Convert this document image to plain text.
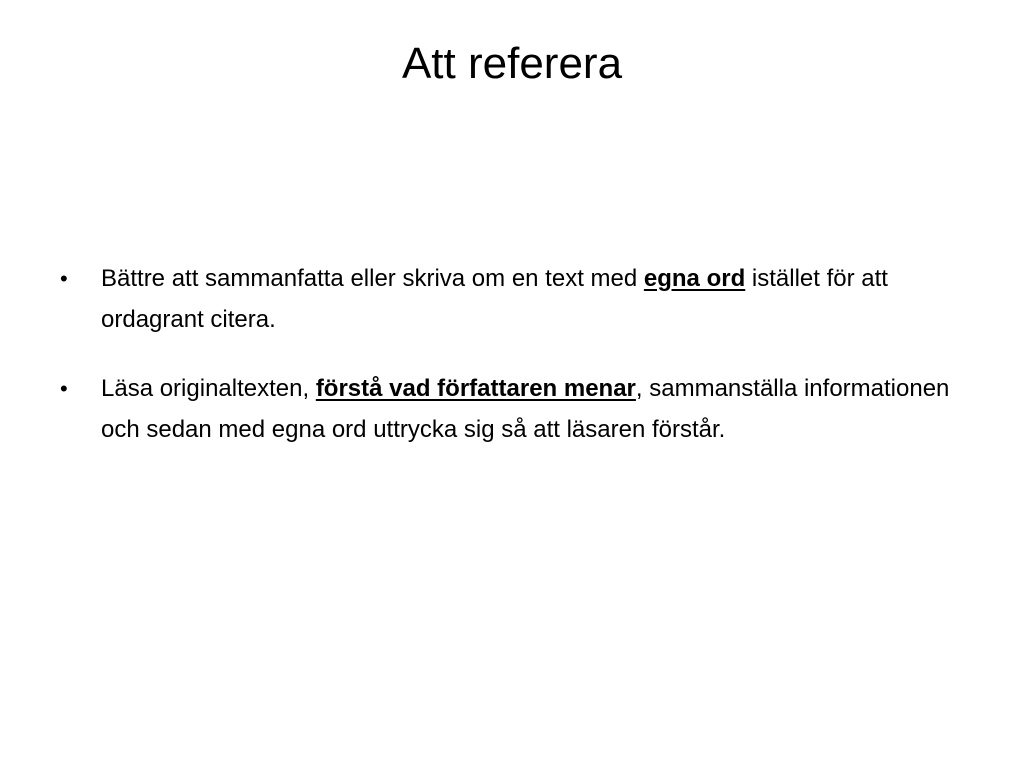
Att referera
• Bättre att sammanfatta eller skriva om en text med egna ord istället för att ordagrant citera.
• Läsa originaltexten, förstå vad författaren menar, sammanställa informationen och sedan med egna ord uttrycka sig så att läsaren förstår.
